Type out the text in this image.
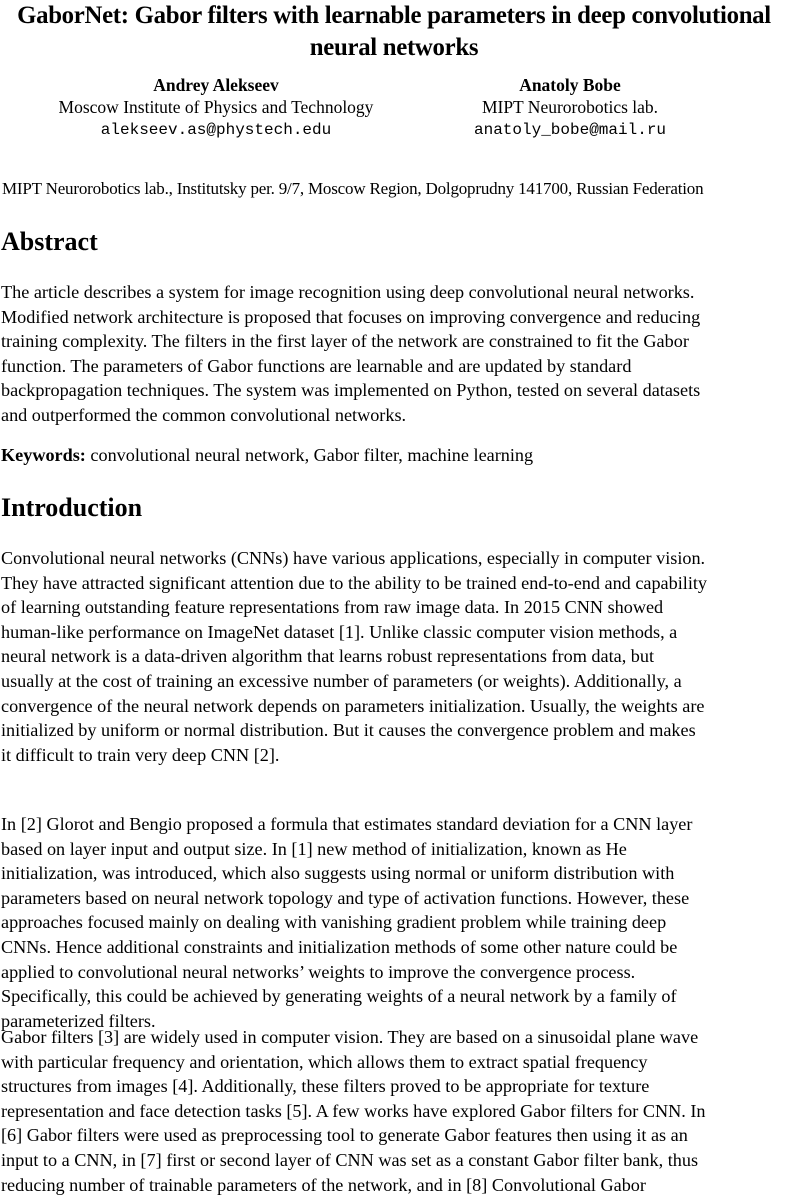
GaborNet: Gabor filters with learnable parameters in deep convolutional
neural networks
Andrey Alekseev
Moscow Institute of Physics and Technology
alekseev.as@phystech.edu
Anatoly Bobe
MIPT Neurorobotics lab.
anatoly_bobe@mail.ru
MIPT Neurorobotics lab., Institutsky per. 9/7, Moscow Region, Dolgoprudny 141700, Russian Federation
Abstract
The article describes a system for image recognition using deep convolutional neural networks.
Modified network architecture is proposed that focuses on improving convergence and reducing
training complexity. The filters in the first layer of the network are constrained to fit the Gabor
function. The parameters of Gabor functions are learnable and are updated by standard
backpropagation techniques. The system was implemented on Python, tested on several datasets
and outperformed the common convolutional networks.
Keywords: convolutional neural network, Gabor filter, machine learning
Introduction
Convolutional neural networks (CNNs) have various applications, especially in computer vision.
They have attracted significant attention due to the ability to be trained end-to-end and capability
of learning outstanding feature representations from raw image data. In 2015 CNN showed
human-like performance on ImageNet dataset [1]. Unlike classic computer vision methods, a
neural network is a data-driven algorithm that learns robust representations from data, but
usually at the cost of training an excessive number of parameters (or weights). Additionally, a
convergence of the neural network depends on parameters initialization. Usually, the weights are
initialized by uniform or normal distribution. But it causes the convergence problem and makes
it difficult to train very deep CNN [2].
In [2] Glorot and Bengio proposed a formula that estimates standard deviation for a CNN layer
based on layer input and output size. In [1] new method of initialization, known as He
initialization, was introduced, which also suggests using normal or uniform distribution with
parameters based on neural network topology and type of activation functions. However, these
approaches focused mainly on dealing with vanishing gradient problem while training deep
CNNs. Hence additional constraints and initialization methods of some other nature could be
applied to convolutional neural networks’ weights to improve the convergence process.
Specifically, this could be achieved by generating weights of a neural network by a family of
parameterized filters.
Gabor filters [3] are widely used in computer vision. They are based on a sinusoidal plane wave
with particular frequency and orientation, which allows them to extract spatial frequency
structures from images [4]. Additionally, these filters proved to be appropriate for texture
representation and face detection tasks [5]. A few works have explored Gabor filters for CNN. In
[6] Gabor filters were used as preprocessing tool to generate Gabor features then using it as an
input to a CNN, in [7] first or second layer of CNN was set as a constant Gabor filter bank, thus
reducing number of trainable parameters of the network, and in [8] Convolutional Gabor
